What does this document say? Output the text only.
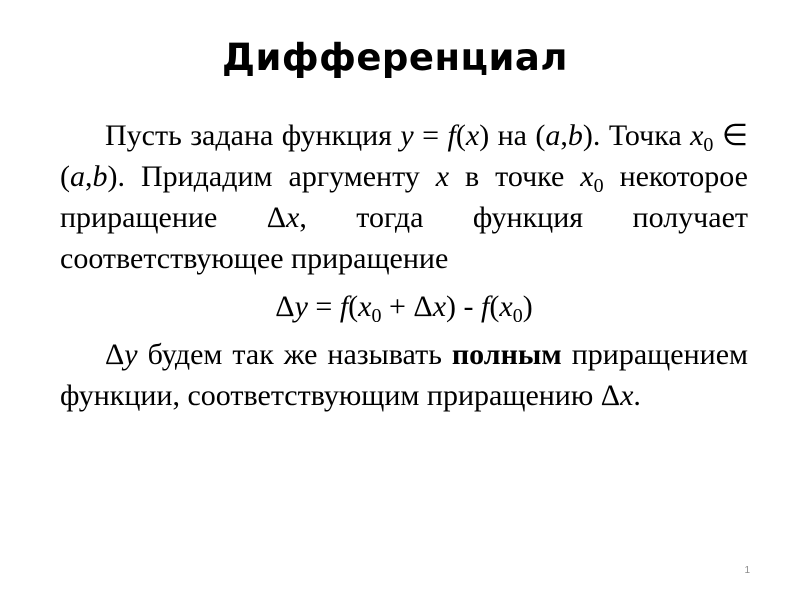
Дифференциал

Пусть задана функция y = f(x) на (a,b). Точка $x_0$ ∈ (a,b). Придадим аргументу x в точке $x_0$ некоторое приращение Δx, тогда функция получает соответствующее приращение

$\Delta y = f(x_0 + \Delta x) - f(x_0)$

Δy будем так же называть полным приращением функции, соответствующим приращению Δx.

1
